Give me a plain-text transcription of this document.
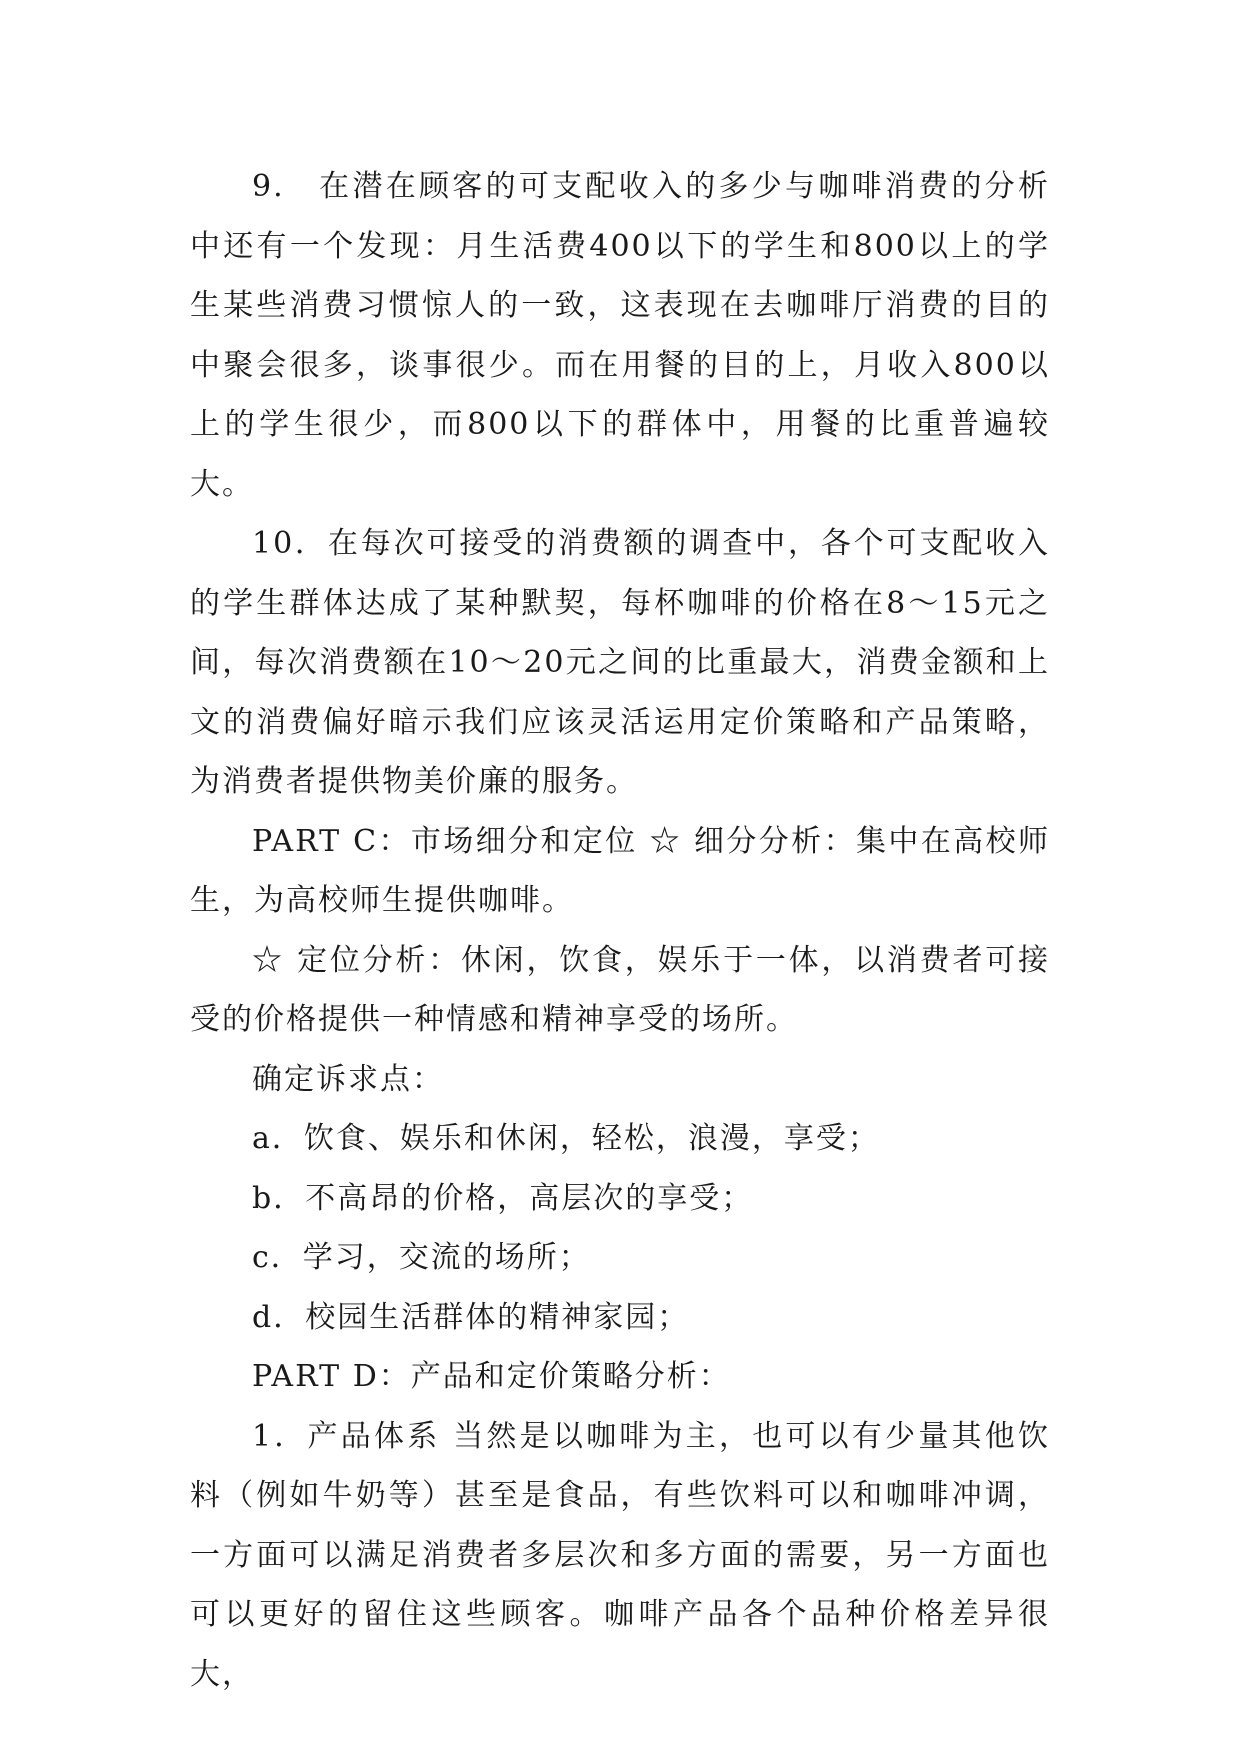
9.　在潜在顾客的可支配收入的多少与咖啡消费的分析中还有一个发现：月生活费400以下的学生和800以上的学生某些消费习惯惊人的一致，这表现在去咖啡厅消费的目的中聚会很多，谈事很少。而在用餐的目的上，月收入800以上的学生很少，而800以下的群体中，用餐的比重普遍较大。

10．在每次可接受的消费额的调查中，各个可支配收入的学生群体达成了某种默契，每杯咖啡的价格在8～15元之间，每次消费额在10～20元之间的比重最大，消费金额和上文的消费偏好暗示我们应该灵活运用定价策略和产品策略，为消费者提供物美价廉的服务。

PART C：市场细分和定位 ☆ 细分分析：集中在高校师生，为高校师生提供咖啡。

☆ 定位分析：休闲，饮食，娱乐于一体，以消费者可接受的价格提供一种情感和精神享受的场所。

确定诉求点：

a．饮食、娱乐和休闲，轻松，浪漫，享受；

b．不高昂的价格，高层次的享受；

c．学习，交流的场所；

d．校园生活群体的精神家园；

PART D：产品和定价策略分析：

1．产品体系 当然是以咖啡为主，也可以有少量其他饮料（例如牛奶等）甚至是食品，有些饮料可以和咖啡冲调，一方面可以满足消费者多层次和多方面的需要，另一方面也可以更好的留住这些顾客。咖啡产品各个品种价格差异很大，
